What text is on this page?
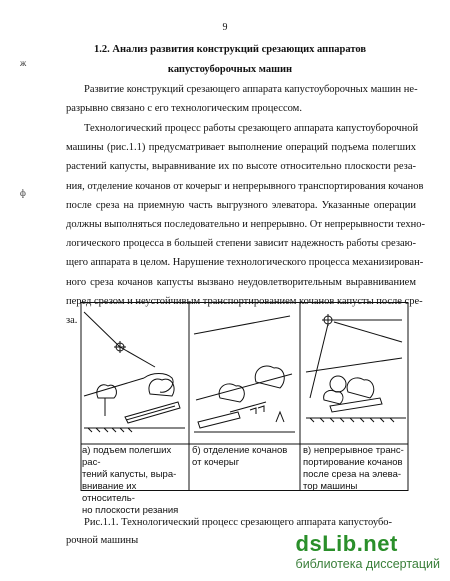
9
1.2. Анализ развития конструкций срезающих аппаратов
капустоуборочных машин
ж
ф
Развитие конструкций срезающего аппарата капустоуборочных машин не-
разрывно связано с его технологическим процессом.
Технологический процесс работы срезающего аппарата капустоуборочной
машины (рис.1.1) предусматривает выполнение операций подъема полегших
растений капусты, выравнивание их по высоте относительно плоскости реза-
ния, отделение кочанов от кочерыг и непрерывного транспортирования кочанов
после среза на приемную часть выгрузного элеватора. Указанные операции
должны выполняться последовательно и непрерывно. От непрерывности техно-
логического процесса в большей степени зависит надежность работы срезаю-
щего аппарата в целом. Нарушение технологического процесса механизирован-
ного среза кочанов капусты вызвано неудовлетворительным выравниванием
перед срезом и неустойчивым транспортированием кочанов капусты после сре-
за.
а) подъем полегших рас-
тений капусты, выра-
внивание их относитель-
но плоскости резания
б) отделение кочанов
от кочерыг
в) непрерывное транс-
портирование кочанов
после среза на элева-
тор машины
Рис.1.1. Технологический процесс срезающего аппарата капустоубо-
рочной машины	dsLib.net
библиотека диссертаций
